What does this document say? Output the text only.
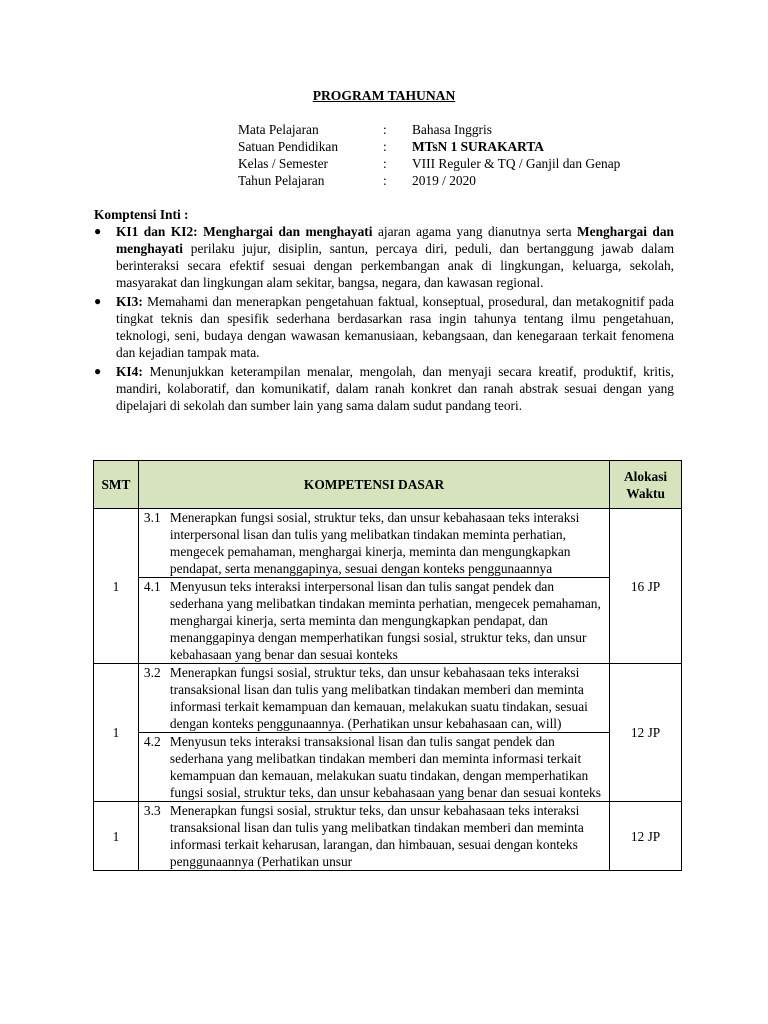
PROGRAM TAHUNAN
Mata Pelajaran	:	Bahasa Inggris
Satuan Pendidikan	:	MTsN 1 SURAKARTA
Kelas / Semester	:	VIII Reguler & TQ / Ganjil dan Genap
Tahun Pelajaran	:	2019 / 2020
Komptensi Inti :
● KI1 dan KI2: Menghargai dan menghayati ajaran agama yang dianutnya serta Menghargai dan menghayati perilaku jujur, disiplin, santun, percaya diri, peduli, dan bertanggung jawab dalam berinteraksi secara efektif sesuai dengan perkembangan anak di lingkungan, keluarga, sekolah, masyarakat dan lingkungan alam sekitar, bangsa, negara, dan kawasan regional.
● KI3: Memahami dan menerapkan pengetahuan faktual, konseptual, prosedural, dan metakognitif pada tingkat teknis dan spesifik sederhana berdasarkan rasa ingin tahunya tentang ilmu pengetahuan, teknologi, seni, budaya dengan wawasan kemanusiaan, kebangsaan, dan kenegaraan terkait fenomena dan kejadian tampak mata.
● KI4: Menunjukkan keterampilan menalar, mengolah, dan menyaji secara kreatif, produktif, kritis, mandiri, kolaboratif, dan komunikatif, dalam ranah konkret dan ranah abstrak sesuai dengan yang dipelajari di sekolah dan sumber lain yang sama dalam sudut pandang teori.
SMT	KOMPETENSI DASAR	Alokasi Waktu
1	3.1 Menerapkan fungsi sosial, struktur teks, dan unsur kebahasaan teks interaksi interpersonal lisan dan tulis yang melibatkan tindakan meminta perhatian, mengecek pemahaman, menghargai kinerja, meminta dan mengungkapkan pendapat, serta menanggapinya, sesuai dengan konteks penggunaannya
4.1 Menyusun teks interaksi interpersonal lisan dan tulis sangat pendek dan sederhana yang melibatkan tindakan meminta perhatian, mengecek pemahaman, menghargai kinerja, serta meminta dan mengungkapkan pendapat, dan menanggapinya dengan memperhatikan fungsi sosial, struktur teks, dan unsur kebahasaan yang benar dan sesuai konteks	16 JP
1	3.2 Menerapkan fungsi sosial, struktur teks, dan unsur kebahasaan teks interaksi transaksional lisan dan tulis yang melibatkan tindakan memberi dan meminta informasi terkait kemampuan dan kemauan, melakukan suatu tindakan, sesuai dengan konteks penggunaannya. (Perhatikan unsur kebahasaan can, will)
4.2 Menyusun teks interaksi transaksional lisan dan tulis sangat pendek dan sederhana yang melibatkan tindakan memberi dan meminta informasi terkait kemampuan dan kemauan, melakukan suatu tindakan, dengan memperhatikan fungsi sosial, struktur teks, dan unsur kebahasaan yang benar dan sesuai konteks	12 JP
1	3.3 Menerapkan fungsi sosial, struktur teks, dan unsur kebahasaan teks interaksi transaksional lisan dan tulis yang melibatkan tindakan memberi dan meminta informasi terkait keharusan, larangan, dan himbauan, sesuai dengan konteks penggunaannya (Perhatikan unsur	12 JP
